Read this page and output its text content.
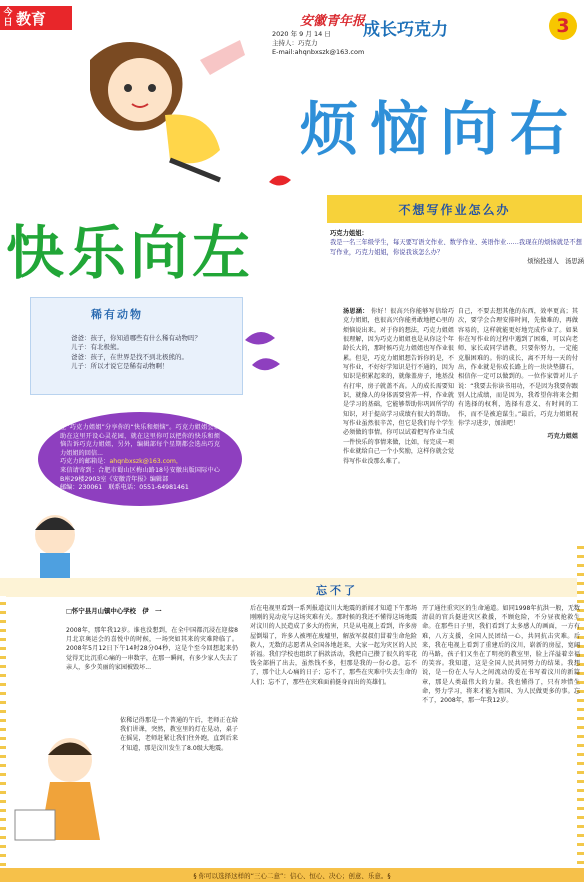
今日 教育	安徽青年报
2020 年 9 月 14 日
主持人：巧克力
E-mail:ahqnbxszk@163.com
成长巧克力	3
烦恼向右
不想写作业怎么办
巧克力姐姐：
我是一名三年级学生，每天要写语文作业、数学作业、英语作业……我现在的烦恼就是不想写作业，巧克力姐姐，你说我该怎么办？
烦恼投递人　汤思涵
快乐向左
稀有动物
爸爸：孩子，你知道哪些有什么稀有动物吗？
儿子：有北极熊。
爸爸：孩子，在世界是找不到北极熊的。
儿子：所以才说它是稀有动物啊！
在“巧克力姐姐”分享你的“快乐和烦恼”。巧克力姐姐会帮助在这里开设心灵花园，就在这里你可以把你的快乐和烦恼告诉巧克力姐姐，另外，编辑部每个星期都会选出巧克力姐姐的回信...
巧克力的邮箱是：ahqnbxszk@163.com，
来信请寄到：合肥市蜀山区梅山路18号安徽出版国际中心B座29楼2903室《安徽青年报》编辑部
邮编：230061　联系电话：0551-64981461
汤思涵： 你好！很高兴你能够写信给巧克力姐姐，也很高兴你能勇敢地把心里的烦恼说出来。对于你的想法，巧克力姐姐很理解，因为巧克力姐姐也是从你这个年龄长大的，那时候巧克力姐姐也写作业很累。但是，巧克力姐姐想告诉你的是，不写作业，不好好学知识是行不通的，因为知识是积累起来的，就像盖房子，地基没有打牢，房子就盖不高。人的成长需要知识，就像人的身体需要营养一样，作业就是学习的基础，它能够帮助你巩固所学的知识，对于提高学习成绩有很大的帮助。写作业虽然很辛苦，但它是我们每个学生必须做的事情。你可以试着把写作业当成一件快乐的事情来做，比如，每完成一项作业就给自己一个小奖励，这样你就会觉得写作业没那么难了。
自己，不要去想其他的东西，效率更高；其次，要学会合理安排时间，先做难的，再做容易的，这样就能更好地完成作业了。如果你在写作业的过程中遇到了困难，可以向老师、家长或同学请教，只要你努力，一定能克服困难的。你的成长，离不开每一天的付出，作业就是你成长路上的一块块垫脚石，相信你一定可以做到的。一位作家曾对儿子说：“我要去你读书用功，不是因为我要你跟别人比成绩，而是因为，我希望你将来会拥有选择的权利，选择有意义、有时间的工作，而不是被迫谋生。”最后，巧克力姐姐祝你学习进步，加油吧！
巧克力姐姐
忘不了
□怀宁县月山镇中心学校　伊　一
2008年，那年我12岁。谁也没想到，在全中国都沉浸在迎接8月北京奥运会的喜悦中的时候，一场突如其来的灾难降临了。2008年5月12日下午14时28分04秒，这是个至今回想起来仍觉得无比沉重心痛的一串数字，在那一瞬间，有多少家人失去了亲人，多少美丽的家园被毁坏...
依稀记得那是一个普通的午后，老师正在给我们讲课，突然，教室里的灯在晃动，桌子在摇晃，老师赶紧让我们往外跑，直到后来才知道，那是汶川发生了8.0级大地震。
后在电视里看到一系列报道汶川大地震的新闻才知道下午那场刚刚的晃动竟与这场灾难有关。那时候的我还不懂得这场地震对汶川的人民造成了多大的伤害，只是从电视上看到，许多房屋倒塌了，许多人被埋在废墟里，解放军叔叔们冒着生命危险救人，无数的志愿者从全国各地赶来，大家一起为灾区的人民祈福。我们学校也组织了捐款活动，我把自己攒了很久的零花钱全部捐了出去，虽然钱不多，但那是我的一份心意。忘不了，那个让人心痛的日子；忘不了，那些在灾难中失去生命的人们；忘不了，那些在灾难面前挺身而出的英雄们。
开了通往重灾区的生命通道。如同1998年抗洪一般，无数清晨的官兵挺进灾区救援，不顾危险，不分昼夜抢救生命。在那些日子里，我们看到了太多感人的画面，一方有难，八方支援，全国人民团结一心，共同抗击灾难。后来，我在电视上看到了重建后的汶川，崭新的房屋，宽阔的马路，孩子们又坐在了明亮的教室里，脸上洋溢着幸福的笑容。我知道，这是全国人民共同努力的结果。我想说，是一份在人与人之间流动的爱在书写着汶川的新篇章，那是人类最伟大的力量。我也懂得了，只有珍惜生命，努力学习，将来才能为祖国、为人民做更多的事。忘不了，2008年，那一年我12岁。
§ 你可以选择这样的“三心二意”：信心、恒心、决心；创意、乐意。§
